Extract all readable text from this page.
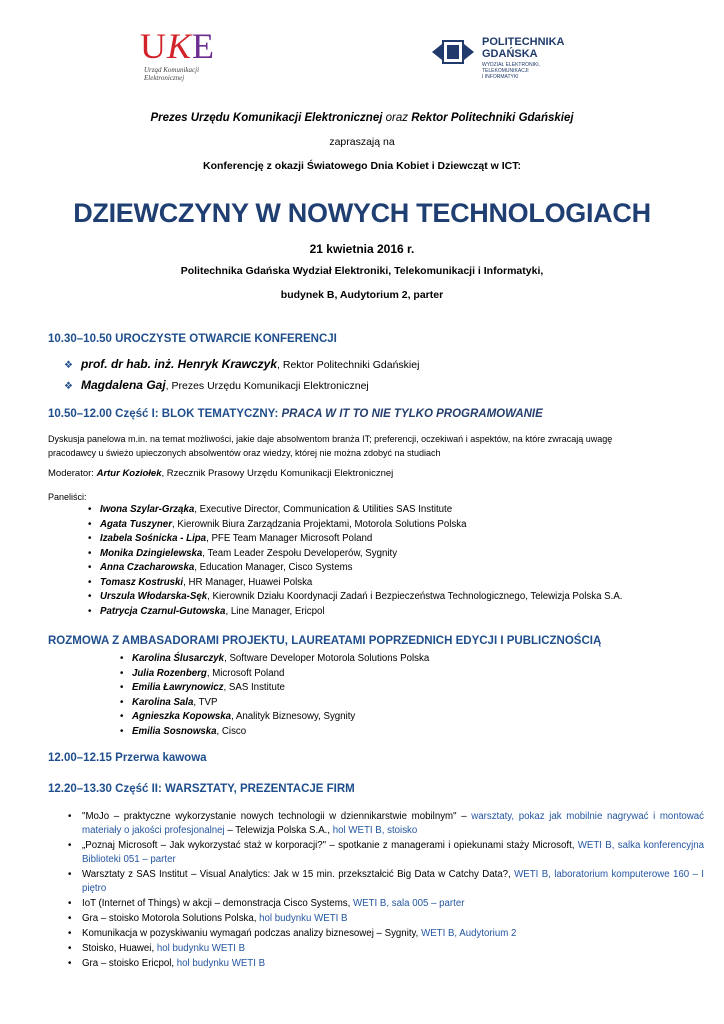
UKE
Urząd Komunikacji Elektronicznej
POLITECHNIKA
GDAŃSKA
WYDZIAŁ ELEKTRONIKI,
TELEKOMUNIKACJI
I INFORMATYKI
Prezes Urzędu Komunikacji Elektronicznej oraz Rektor Politechniki Gdańskiej
zapraszają na
Konferencję z okazji Światowego Dnia Kobiet i Dziewcząt w ICT:
DZIEWCZYNY W NOWYCH TECHNOLOGIACH
21 kwietnia 2016 r.
Politechnika Gdańska Wydział Elektroniki, Telekomunikacji i Informatyki,
budynek B, Audytorium 2, parter
10.30–10.50 UROCZYSTE OTWARCIE KONFERENCJI
❖ prof. dr hab. inż. Henryk Krawczyk, Rektor Politechniki Gdańskiej
❖ Magdalena Gaj, Prezes Urzędu Komunikacji Elektronicznej
10.50–12.00 Część I: BLOK TEMATYCZNY: PRACA W IT TO NIE TYLKO PROGRAMOWANIE
Dyskusja panelowa m.in. na temat możliwości, jakie daje absolwentom branża IT; preferencji, oczekiwań i aspektów, na które zwracają uwagę
pracodawcy u świeżo upieczonych absolwentów oraz wiedzy, której nie można zdobyć na studiach
Moderator: Artur Koziołek, Rzecznik Prasowy Urzędu Komunikacji Elektronicznej
Paneliści:
• Iwona Szylar-Grząka, Executive Director, Communication & Utilities SAS Institute
• Agata Tuszyner, Kierownik Biura Zarządzania Projektami, Motorola Solutions Polska
• Izabela Sośnicka - Lipa, PFE Team Manager Microsoft Poland
• Monika Dzingielewska, Team Leader Zespołu Developerów, Sygnity
• Anna Czacharowska, Education Manager, Cisco Systems
• Tomasz Kostruski, HR Manager, Huawei Polska
• Urszula Włodarska-Sęk, Kierownik Działu Koordynacji Zadań i Bezpieczeństwa Technologicznego, Telewizja Polska S.A.
• Patrycja Czarnul-Gutowska, Line Manager, Ericpol
ROZMOWA Z AMBASADORAMI PROJEKTU, LAUREATAMI POPRZEDNICH EDYCJI I PUBLICZNOŚCIĄ
• Karolina Ślusarczyk, Software Developer Motorola Solutions Polska
• Julia Rozenberg, Microsoft Poland
• Emilia Ławrynowicz, SAS Institute
• Karolina Sala, TVP
• Agnieszka Kopowska, Analityk Biznesowy, Sygnity
• Emilia Sosnowska, Cisco
12.00–12.15 Przerwa kawowa
12.20–13.30 Część II: WARSZTATY, PREZENTACJE FIRM
• "MoJo – praktyczne wykorzystanie nowych technologii w dziennikarstwie mobilnym" – warsztaty, pokaz jak mobilnie nagrywać i montować materiały o jakości profesjonalnej – Telewizja Polska S.A., hol WETI B, stoisko
• „Poznaj Microsoft – Jak wykorzystać staż w korporacji?" – spotkanie z managerami i opiekunami staży Microsoft, WETI B, salka konferencyjna Biblioteki 051 – parter
• Warsztaty z SAS Institut – Visual Analytics: Jak w 15 min. przekształcić Big Data w Catchy Data?, WETI B, laboratorium komputerowe 160 – I piętro
• IoT (Internet of Things) w akcji – demonstracja Cisco Systems, WETI B, sala 005 – parter
• Gra – stoisko Motorola Solutions Polska, hol budynku WETI B
• Komunikacja w pozyskiwaniu wymagań podczas analizy biznesowej – Sygnity, WETI B, Audytorium 2
• Stoisko, Huawei, hol budynku WETI B
• Gra – stoisko Ericpol, hol budynku WETI B
